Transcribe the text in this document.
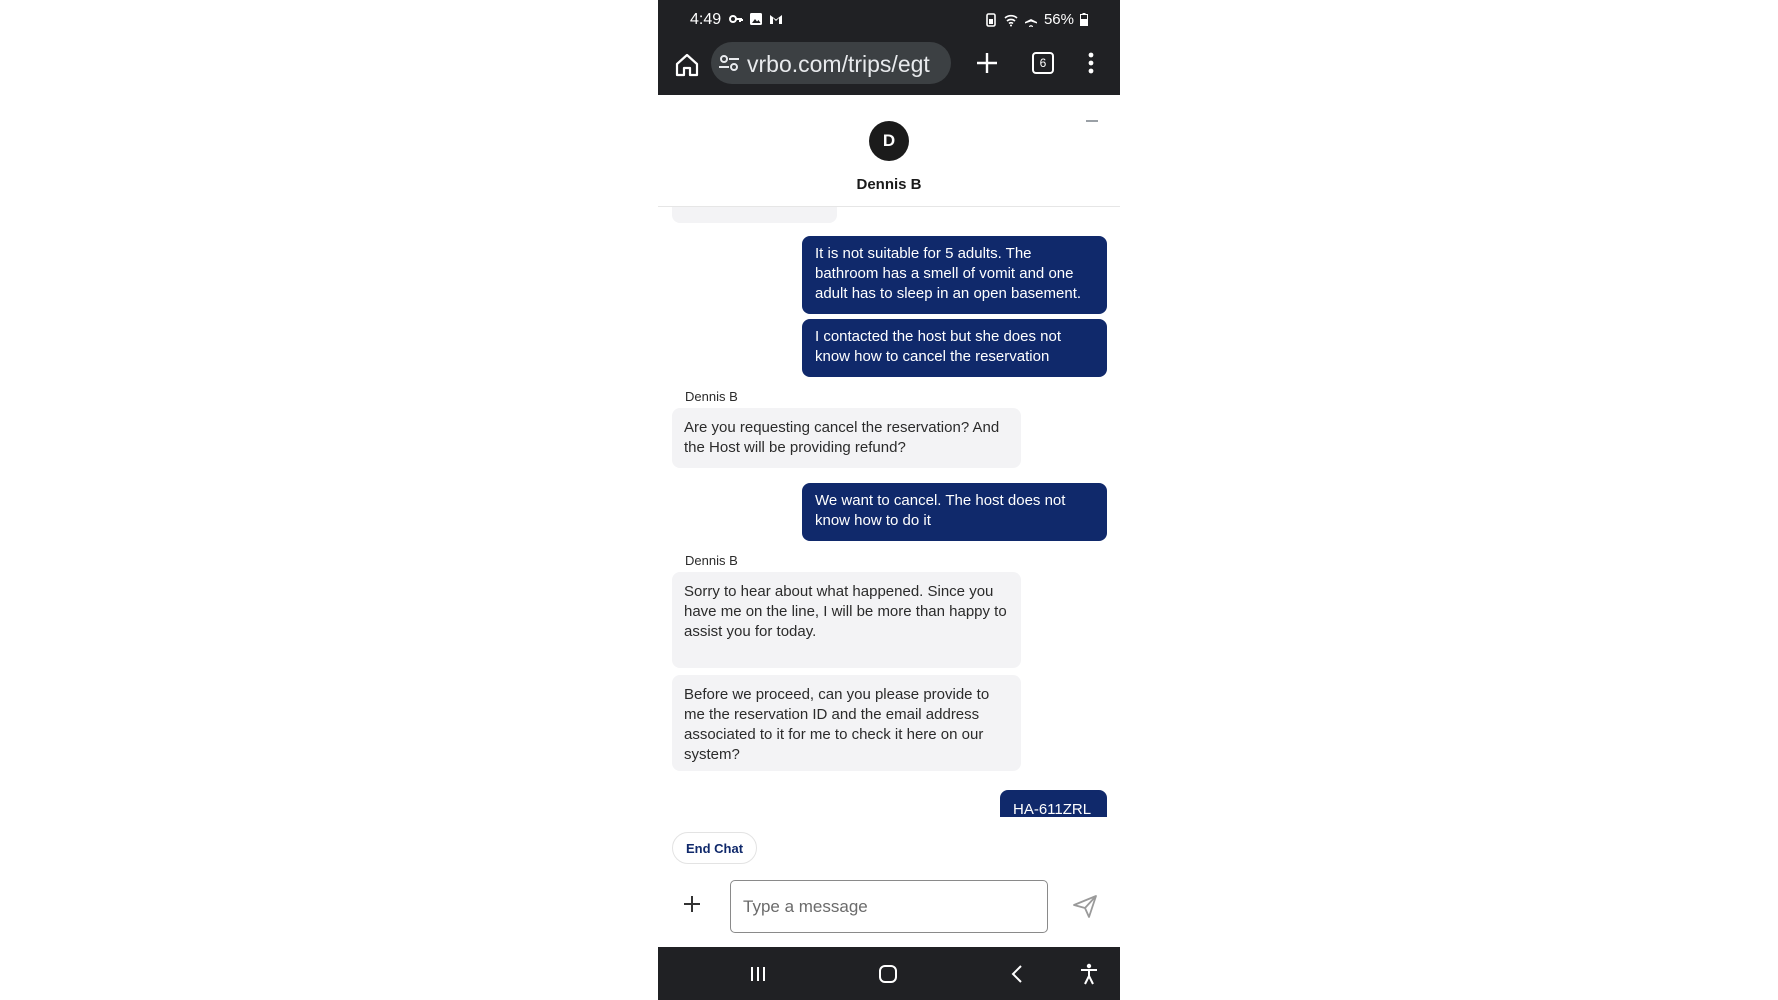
4:49	56%
vrbo.com/trips/egt	6
D
Dennis B
It is not suitable for 5 adults. The bathroom has a smell of vomit and one adult has to sleep in an open basement.
I contacted the host but she does not know how to cancel the reservation
Dennis B
Are you requesting cancel the reservation? And the Host will be providing refund?
We want to cancel. The host does not know how to do it
Dennis B
Sorry to hear about what happened. Since you have me on the line, I will be more than happy to assist you for today.
Before we proceed, can you please provide to me the reservation ID and the email address associated to it for me to check it here on our system?
HA-611ZRL
End Chat
Type a message
